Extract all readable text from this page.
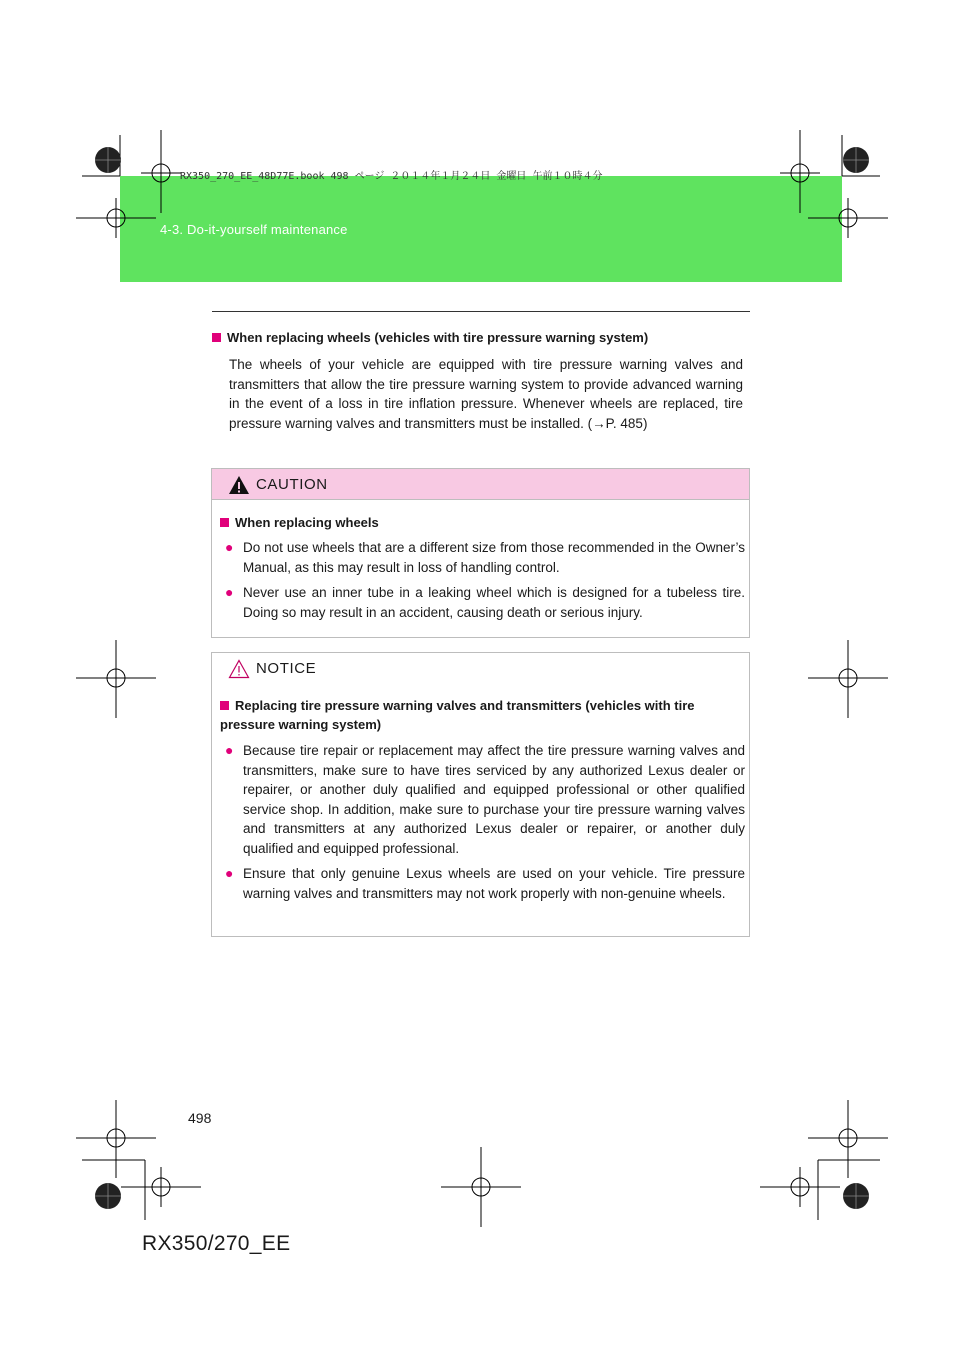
4-3. Do-it-yourself maintenance
RX350_270_EE_48D77E.book 498 ページ ２０１４年１月２４日 金曜日 午前１０時４分
When replacing wheels (vehicles with tire pressure warning system)
The wheels of your vehicle are equipped with tire pressure warning valves and transmitters that allow the tire pressure warning system to provide advanced warning in the event of a loss in tire inflation pressure. Whenever wheels are replaced, tire pressure warning valves and transmitters must be installed. (→P. 485)
CAUTION
When replacing wheels
● Do not use wheels that are a different size from those recommended in the Owner’s Manual, as this may result in loss of handling control.
● Never use an inner tube in a leaking wheel which is designed for a tubeless tire. Doing so may result in an accident, causing death or serious injury.
NOTICE
Replacing tire pressure warning valves and transmitters (vehicles with tire pressure warning system)
● Because tire repair or replacement may affect the tire pressure warning valves and transmitters, make sure to have tires serviced by any authorized Lexus dealer or repairer, or another duly qualified and equipped professional or other qualified service shop. In addition, make sure to purchase your tire pressure warning valves and transmitters at any authorized Lexus dealer or repairer, or another duly qualified and equipped professional.
● Ensure that only genuine Lexus wheels are used on your vehicle. Tire pressure warning valves and transmitters may not work properly with non-genuine wheels.
498
RX350/270_EE
